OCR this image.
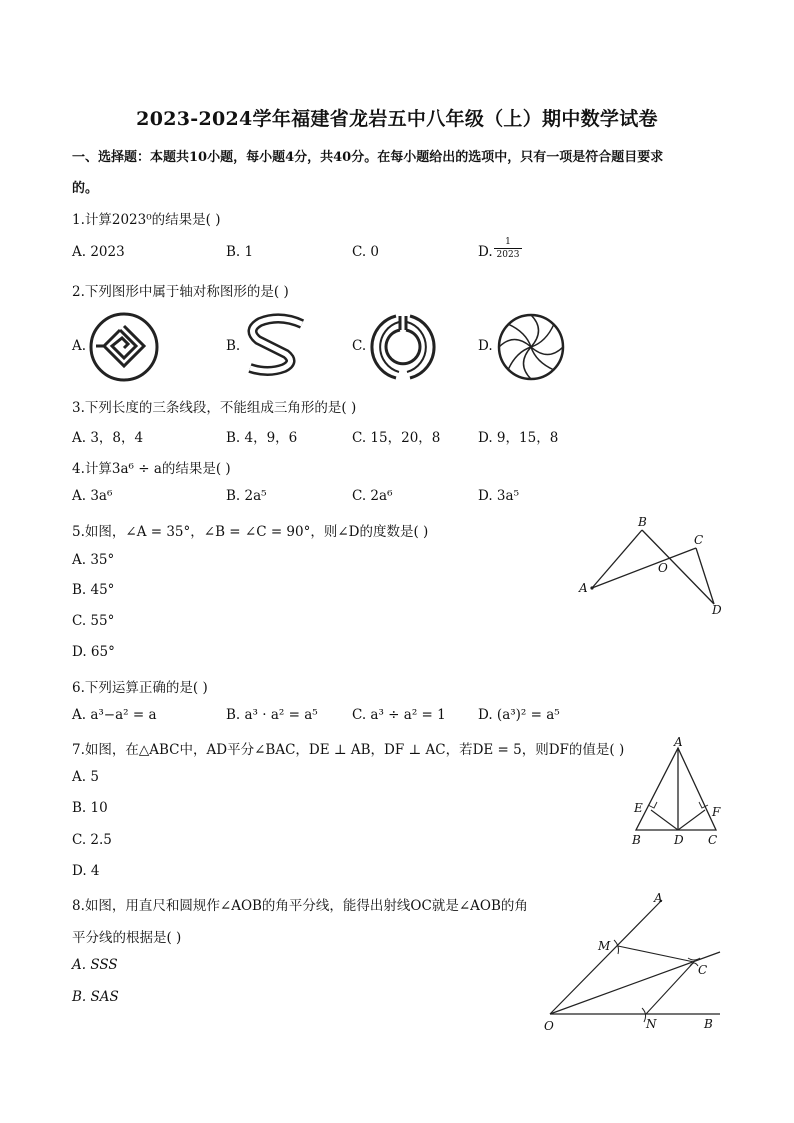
2023-2024学年福建省龙岩五中八年级（上）期中数学试卷
一、选择题：本题共10小题，每小题4分，共40分。在每小题给出的选项中，只有一项是符合题目要求
的。
1.计算2023⁰的结果是( )
A. 2023	B. 1	C. 0	D.
1
2023
2.下列图形中属于轴对称图形的是( )
A.	B.	C.	D.
3.下列长度的三条线段，不能组成三角形的是( )
A. 3，8，4	B. 4，9，6	C. 15，20，8	D. 9，15，8
4.计算3a⁶ ÷ a的结果是( )
A. 3a⁶	B. 2a⁵	C. 2a⁶	D. 3a⁵
5.如图，∠A = 35°，∠B = ∠C = 90°，则∠D的度数是( )
A. 35°
B. 45°
C. 55°
D. 65°
B
C
O
A
D
6.下列运算正确的是( )
A. a³−a² = a	B. a³ · a² = a⁵	C. a³ ÷ a² = 1 D. (a³)² = a⁵
7.如图，在△ABC中，AD平分∠BAC，DE ⊥ AB，DF ⊥ AC，若DE = 5，则DF的值是( )
A. 5
B. 10
C. 2.5
D. 4
A
E	F
B	D C
8.如图，用直尺和圆规作∠AOB的角平分线，能得出射线OC就是∠AOB的角
平分线的根据是( )
A. SSS
B. SAS
A
M
C
O	N	B
